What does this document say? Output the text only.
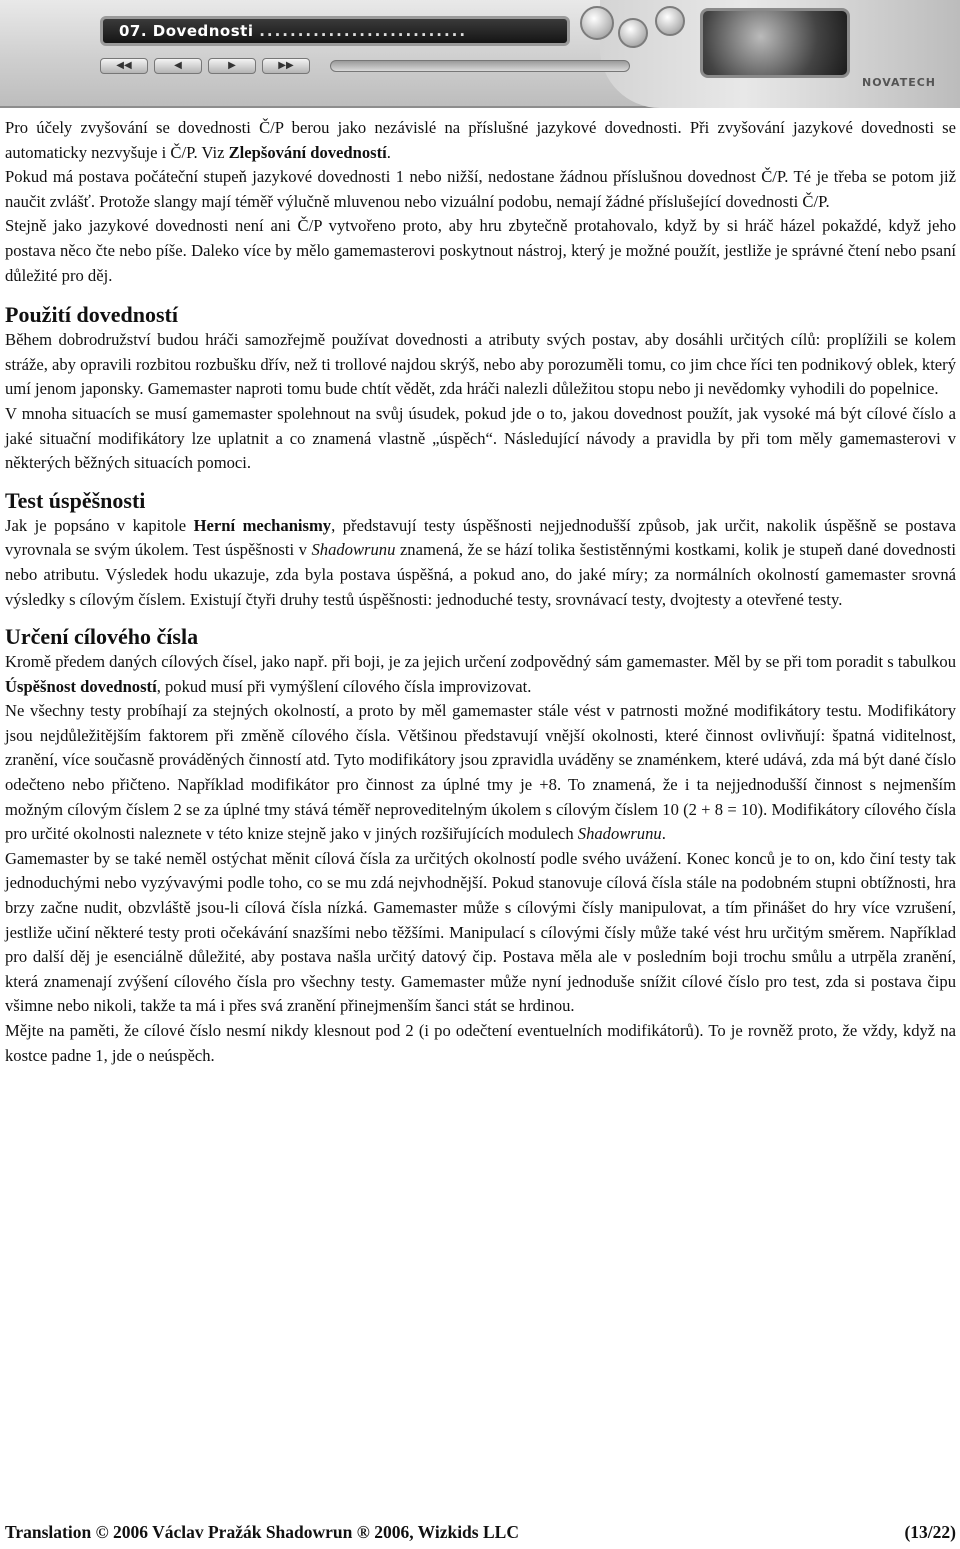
07. Dovednosti ...........................
◀◀	◀	▶	▶▶
NOVATECH

Pro účely zvyšování se dovednosti Č/P berou jako nezávislé na příslušné jazykové dovednosti. Při zvyšování jazykové dovednosti se automaticky nezvyšuje i Č/P. Viz Zlepšování dovedností.

Pokud má postava počáteční stupeň jazykové dovednosti 1 nebo nižší, nedostane žádnou příslušnou dovednost Č/P. Té je třeba se potom již naučit zvlášť. Protože slangy mají téměř výlučně mluvenou nebo vizuální podobu, nemají žádné příslušející dovednosti Č/P.

Stejně jako jazykové dovednosti není ani Č/P vytvořeno proto, aby hru zbytečně protahovalo, když by si hráč házel pokaždé, když jeho postava něco čte nebo píše. Daleko více by mělo gamemasterovi poskytnout nástroj, který je možné použít, jestliže je správné čtení nebo psaní důležité pro děj.

Použití dovedností

Během dobrodružství budou hráči samozřejmě používat dovednosti a atributy svých postav, aby dosáhli určitých cílů: proplížili se kolem stráže, aby opravili rozbitou rozbušku dřív, než ti trollové najdou skrýš, nebo aby porozuměli tomu, co jim chce říci ten podnikový oblek, který umí jenom japonsky. Gamemaster naproti tomu bude chtít vědět, zda hráči nalezli důležitou stopu nebo ji nevědomky vyhodili do popelnice.

V mnoha situacích se musí gamemaster spolehnout na svůj úsudek, pokud jde o to, jakou dovednost použít, jak vysoké má být cílové číslo a jaké situační modifikátory lze uplatnit a co znamená vlastně „úspěch“. Následující návody a pravidla by při tom měly gamemasterovi v některých běžných situacích pomoci.

Test úspěšnosti

Jak je popsáno v kapitole Herní mechanismy, představují testy úspěšnosti nejjednodušší způsob, jak určit, nakolik úspěšně se postava vyrovnala se svým úkolem. Test úspěšnosti v Shadowrunu znamená, že se hází tolika šestistěnnými kostkami, kolik je stupeň dané dovednosti nebo atributu. Výsledek hodu ukazuje, zda byla postava úspěšná, a pokud ano, do jaké míry; za normálních okolností gamemaster srovná výsledky s cílovým číslem. Existují čtyři druhy testů úspěšnosti: jednoduché testy, srovnávací testy, dvojtesty a otevřené testy.

Určení cílového čísla

Kromě předem daných cílových čísel, jako např. při boji, je za jejich určení zodpovědný sám gamemaster. Měl by se při tom poradit s tabulkou Úspěšnost dovedností, pokud musí při vymýšlení cílového čísla improvizovat.

Ne všechny testy probíhají za stejných okolností, a proto by měl gamemaster stále vést v patrnosti možné modifikátory testu. Modifikátory jsou nejdůležitějším faktorem při změně cílového čísla. Většinou představují vnější okolnosti, které činnost ovlivňují: špatná viditelnost, zranění, více současně prováděných činností atd. Tyto modifikátory jsou zpravidla uváděny se znaménkem, které udává, zda má být dané číslo odečteno nebo přičteno. Například modifikátor pro činnost za úplné tmy je +8. To znamená, že i ta nejjednodušší činnost s nejmenším možným cílovým číslem 2 se za úplné tmy stává téměř neproveditelným úkolem s cílovým číslem 10 (2 + 8 = 10). Modifikátory cílového čísla pro určité okolnosti naleznete v této knize stejně jako v jiných rozšiřujících modulech Shadowrunu.

Gamemaster by se také neměl ostýchat měnit cílová čísla za určitých okolností podle svého uvážení. Konec konců je to on, kdo činí testy tak jednoduchými nebo vyzývavými podle toho, co se mu zdá nejvhodnější. Pokud stanovuje cílová čísla stále na podobném stupni obtížnosti, hra brzy začne nudit, obzvláště jsou-li cílová čísla nízká. Gamemaster může s cílovými čísly manipulovat, a tím přinášet do hry více vzrušení, jestliže učiní některé testy proti očekávání snazšími nebo těžšími. Manipulací s cílovými čísly může také vést hru určitým směrem. Například pro další děj je esenciálně důležité, aby postava našla určitý datový čip. Postava měla ale v posledním boji trochu smůlu a utrpěla zranění, která znamenají zvýšení cílového čísla pro všechny testy. Gamemaster může nyní jednoduše snížit cílové číslo pro test, zda si postava čipu všimne nebo nikoli, takže ta má i přes svá zranění přinejmenším šanci stát se hrdinou.

Mějte na paměti, že cílové číslo nesmí nikdy klesnout pod 2 (i po odečtení eventuelních modifikátorů). To je rovněž proto, že vždy, když na kostce padne 1, jde o neúspěch.

Translation © 2006 Václav Pražák Shadowrun ® 2006, Wizkids LLC	(13/22)
